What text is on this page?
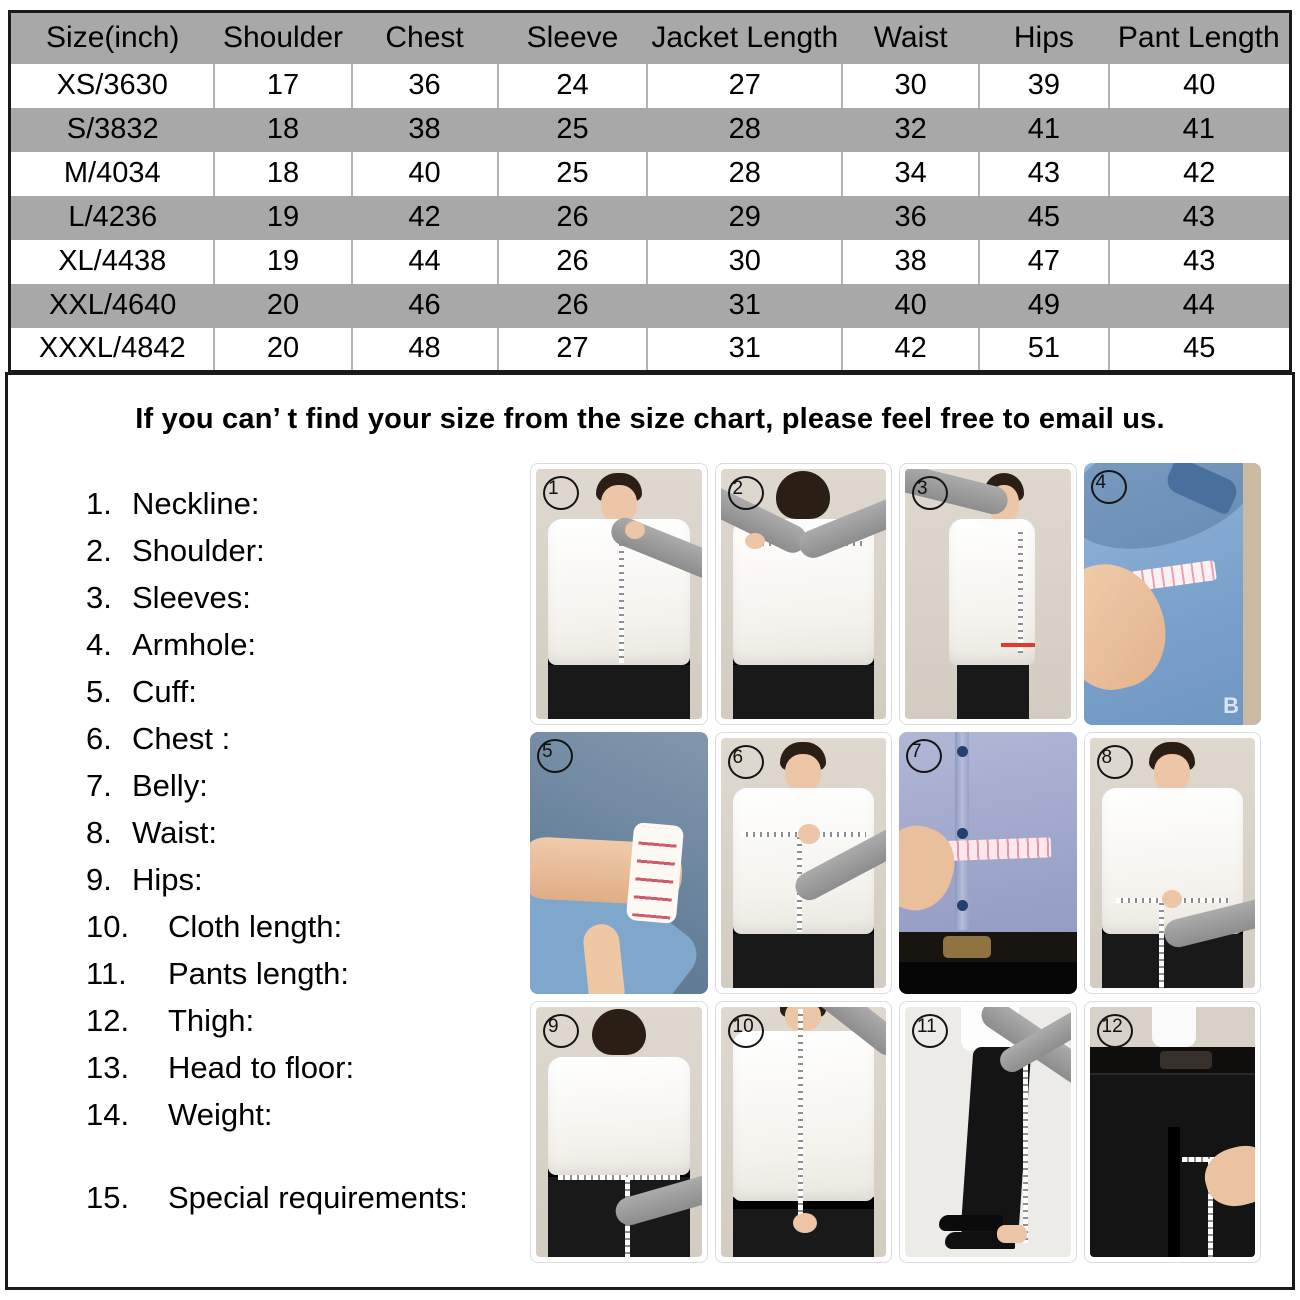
Size(inch)	Shoulder	Chest	Sleeve	Jacket Length	Waist	Hips	Pant Length
XS/3630	17	36	24	27	30	39	40
S/3832	18	38	25	28	32	41	41
M/4034	18	40	25	28	34	43	42
L/4236	19	42	26	29	36	45	43
XL/4438	19	44	26	30	38	47	43
XXL/4640	20	46	26	31	40	49	44
XXXL/4842	20	48	27	31	42	51	45
If you can’ t find your size from the size chart, please feel free to email us.
1. Neckline:
2. Shoulder:
3. Sleeves:
4. Armhole:
5. Cuff:
6. Chest :
7. Belly:
8. Waist:
9. Hips:
10.	Cloth length:
11.	Pants length:
12.	Thigh:
13.	Head to floor:
14.	Weight:
15.	Special requirements:
1	2	3
B
4
5	6	7	8
9	10	11	12
